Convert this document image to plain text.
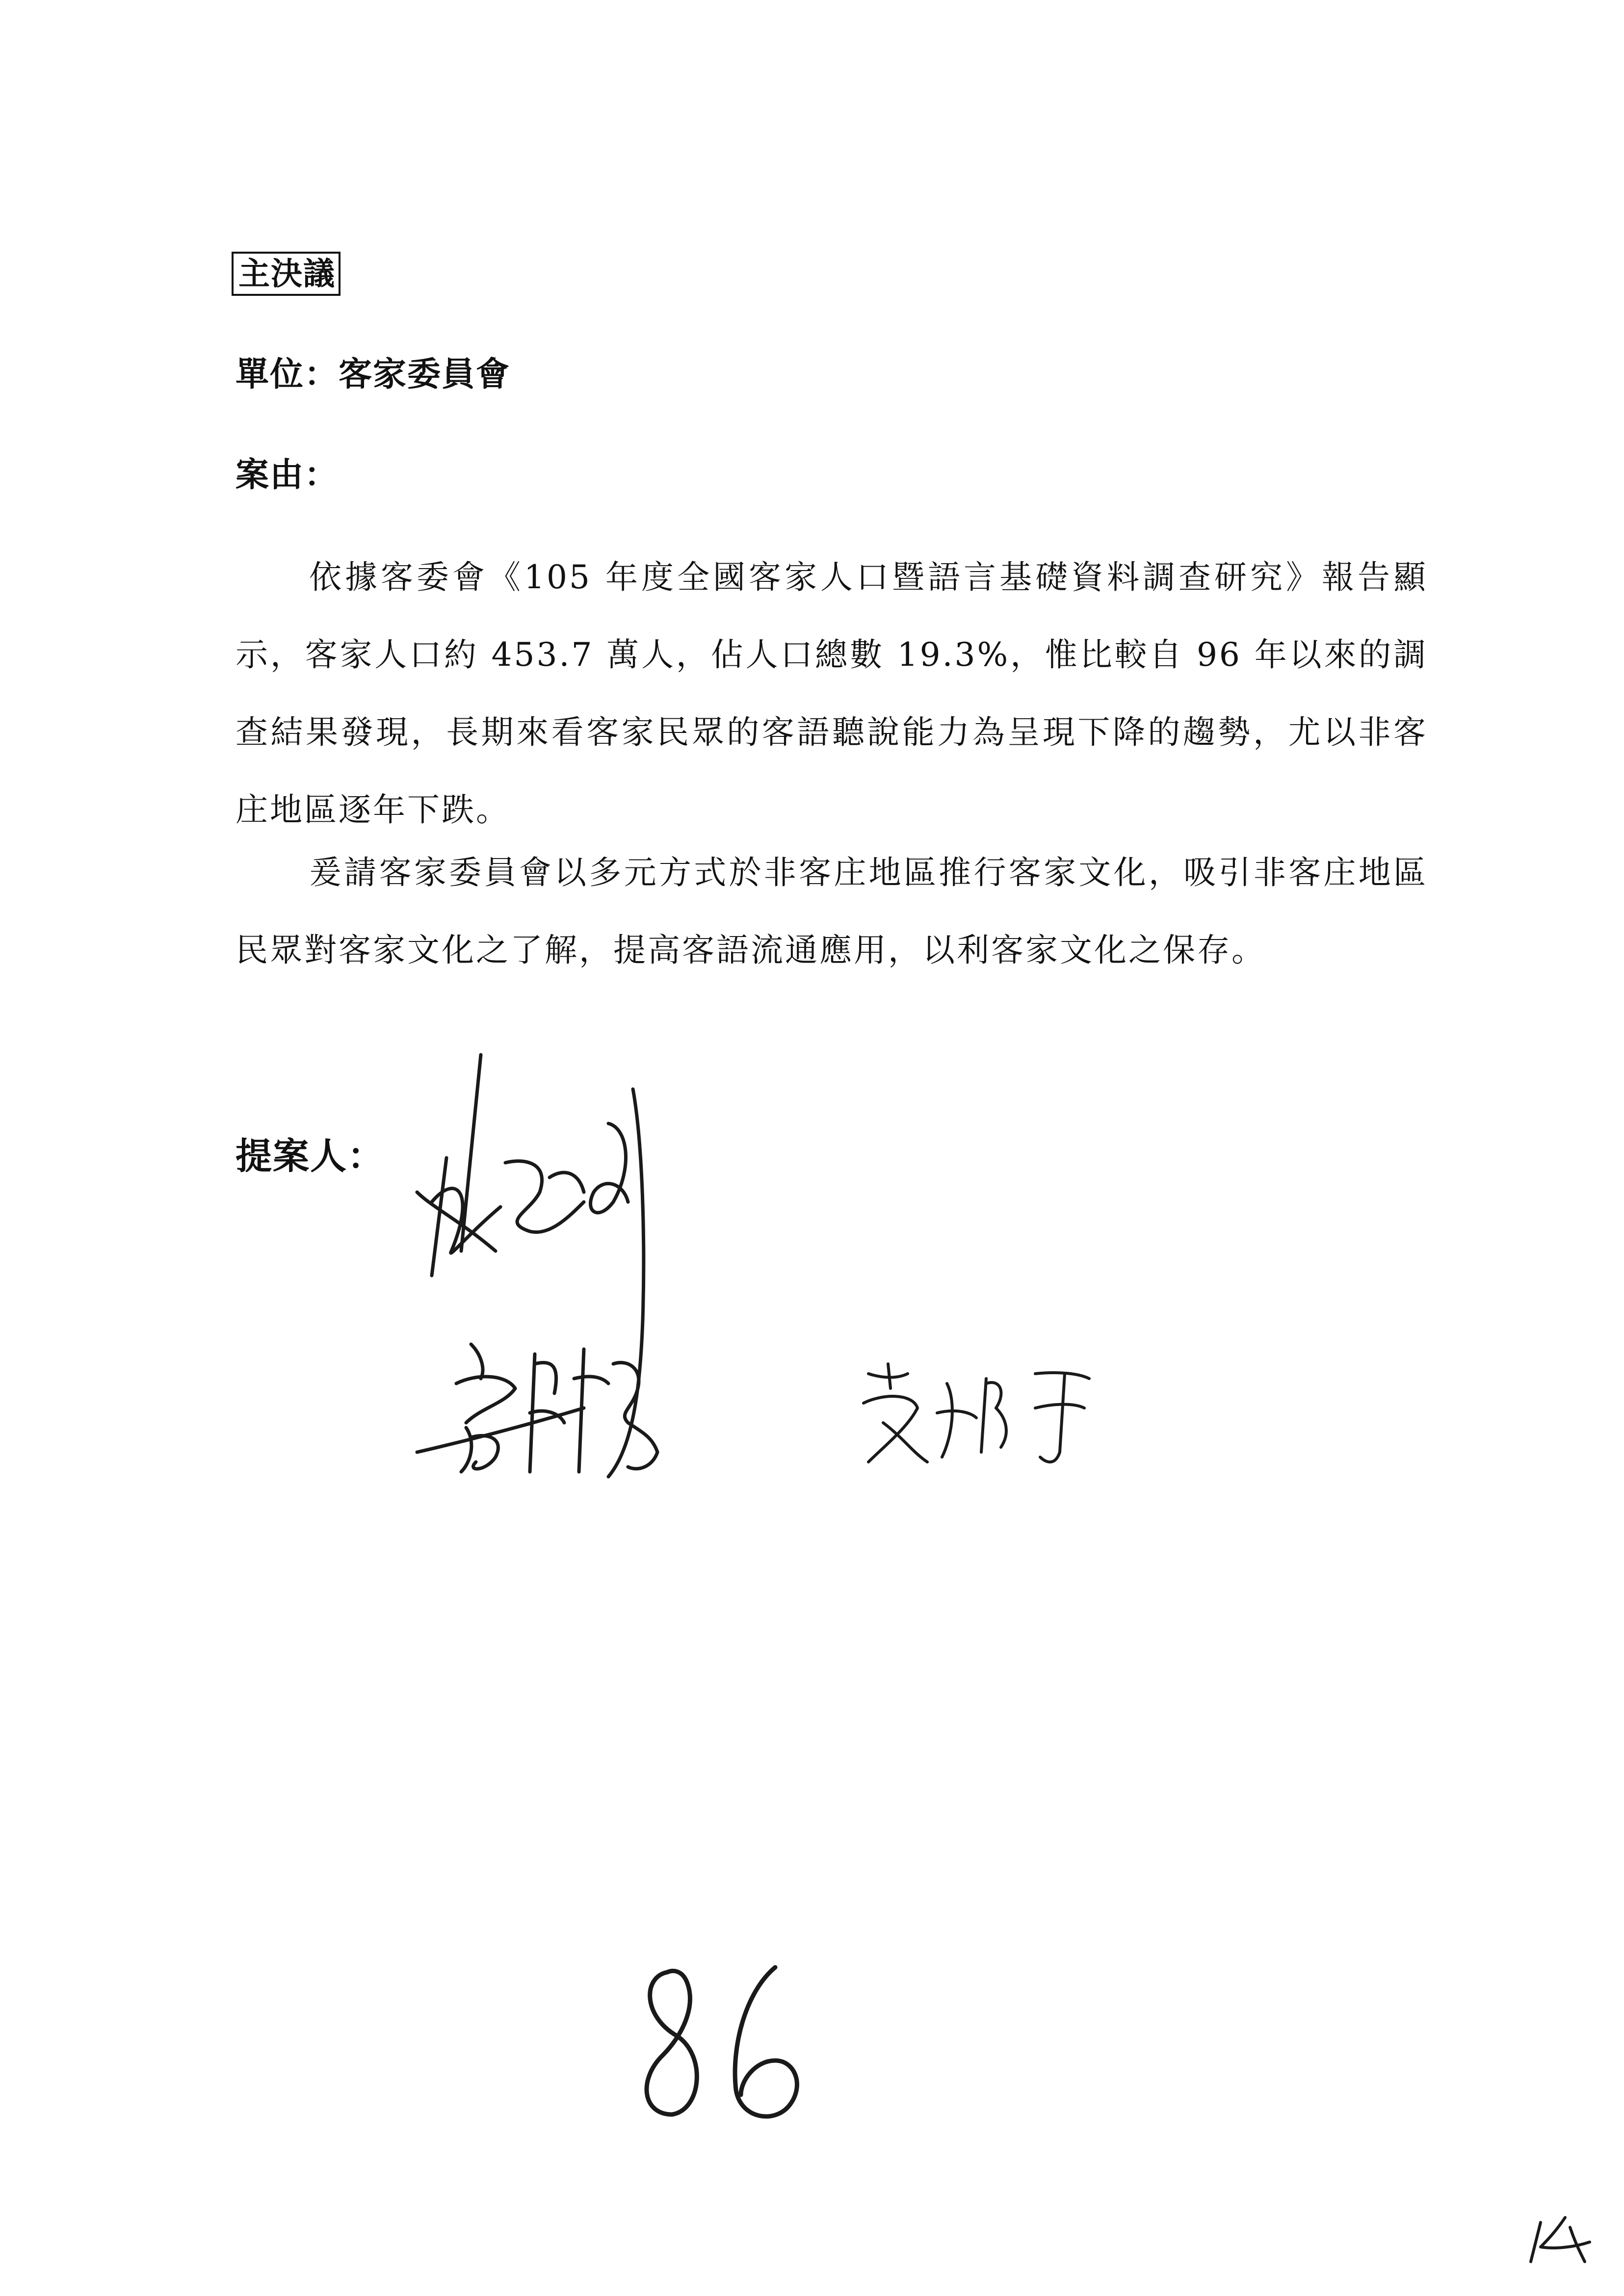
主決議
單位：客家委員會
案由：

依據客委會《105 年度全國客家人口暨語言基礎資料調查研究》報告顯示，客家人口約 453.7 萬人，佔人口總數 19.3%，惟比較自 96 年以來的調查結果發現，長期來看客家民眾的客語聽說能力為呈現下降的趨勢，尤以非客庄地區逐年下跌。

爰請客家委員會以多元方式於非客庄地區推行客家文化，吸引非客庄地區民眾對客家文化之了解，提高客語流通應用，以利客家文化之保存。

提案人：
